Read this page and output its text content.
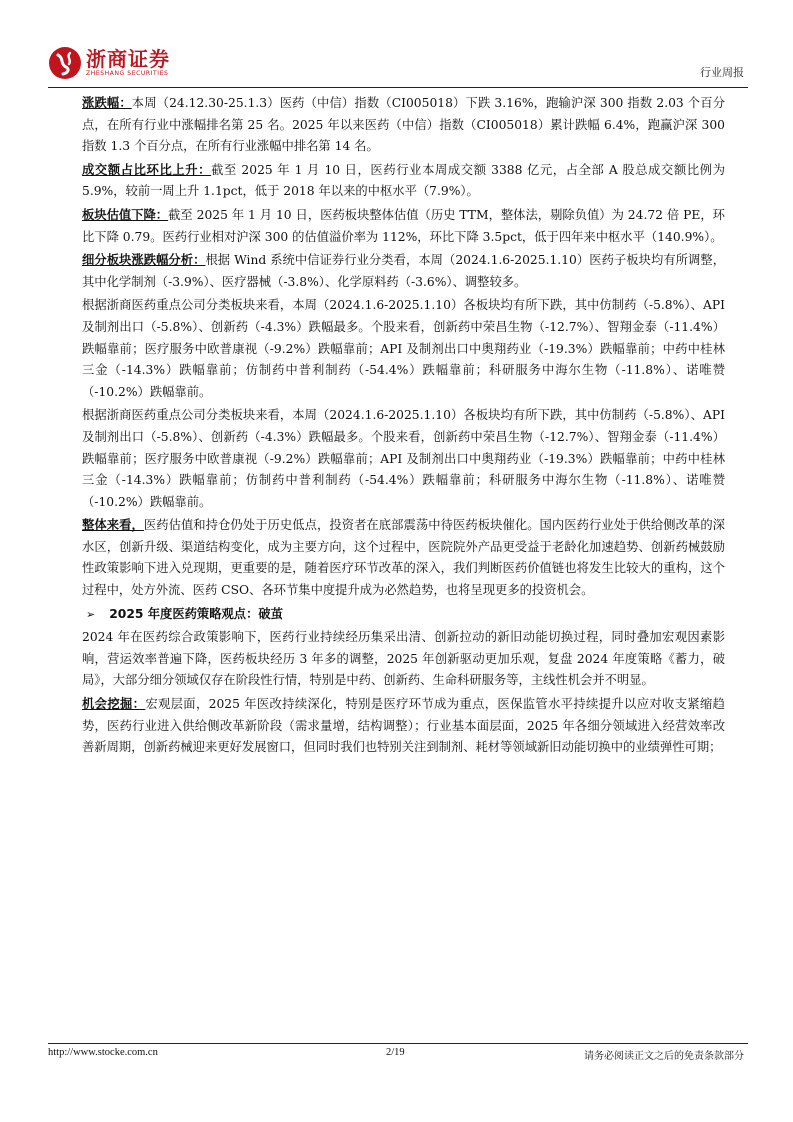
浙商证券
ZHESHANG SECURITIES	行业周报

涨跌幅：本周（24.12.30-25.1.3）医药（中信）指数（CI005018）下跌 3.16%，跑输沪深 300 指数 2.03 个百分点，在所有行业中涨幅排名第 25 名。2025 年以来医药（中信）指数（CI005018）累计跌幅 6.4%，跑赢沪深 300 指数 1.3 个百分点，在所有行业涨幅中排名第 14 名。

成交额占比环比上升：截至 2025 年 1 月 10 日，医药行业本周成交额 3388 亿元，占全部 A 股总成交额比例为 5.9%，较前一周上升 1.1pct，低于 2018 年以来的中枢水平（7.9%）。

板块估值下降：截至 2025 年 1 月 10 日，医药板块整体估值（历史 TTM，整体法，剔除负值）为 24.72 倍 PE，环比下降 0.79。医药行业相对沪深 300 的估值溢价率为 112%，环比下降 3.5pct，低于四年来中枢水平（140.9%）。

细分板块涨跌幅分析：根据 Wind 系统中信证券行业分类看，本周（2024.1.6-2025.1.10）医药子板块均有所调整，其中化学制剂（-3.9%）、医疗器械（-3.8%）、化学原料药（-3.6%）、调整较多。

根据浙商医药重点公司分类板块来看，本周（2024.1.6-2025.1.10）各板块均有所下跌，其中仿制药（-5.8%）、API 及制剂出口（-5.8%）、创新药（-4.3%）跌幅最多。个股来看，创新药中荣昌生物（-12.7%）、智翔金泰（-11.4%）跌幅靠前；医疗服务中欧普康视（-9.2%）跌幅靠前；API 及制剂出口中奥翔药业（-19.3%）跌幅靠前；中药中桂林三金（-14.3%）跌幅靠前；仿制药中普利制药（-54.4%）跌幅靠前；科研服务中海尔生物（-11.8%）、诺唯赞（-10.2%）跌幅靠前。

根据浙商医药重点公司分类板块来看，本周（2024.1.6-2025.1.10）各板块均有所下跌，其中仿制药（-5.8%）、API 及制剂出口（-5.8%）、创新药（-4.3%）跌幅最多。个股来看，创新药中荣昌生物（-12.7%）、智翔金泰（-11.4%）跌幅靠前；医疗服务中欧普康视（-9.2%）跌幅靠前；API 及制剂出口中奥翔药业（-19.3%）跌幅靠前；中药中桂林三金（-14.3%）跌幅靠前；仿制药中普利制药（-54.4%）跌幅靠前；科研服务中海尔生物（-11.8%）、诺唯赞（-10.2%）跌幅靠前。

整体来看，医药估值和持仓仍处于历史低点，投资者在底部震荡中待医药板块催化。国内医药行业处于供给侧改革的深水区，创新升级、渠道结构变化，成为主要方向，这个过程中，医院院外产品更受益于老龄化加速趋势、创新药械鼓励性政策影响下进入兑现期，更重要的是，随着医疗环节改革的深入，我们判断医药价值链也将发生比较大的重构，这个过程中，处方外流、医药 CSO、各环节集中度提升成为必然趋势，也将呈现更多的投资机会。

➢ 2025 年度医药策略观点：破茧

2024 年在医药综合政策影响下，医药行业持续经历集采出清、创新拉动的新旧动能切换过程，同时叠加宏观因素影响，营运效率普遍下降，医药板块经历 3 年多的调整，2025 年创新驱动更加乐观，复盘 2024 年度策略《蓄力，破局》，大部分细分领域仅存在阶段性行情，特别是中药、创新药、生命科研服务等，主线性机会并不明显。

机会挖掘：宏观层面，2025 年医改持续深化，特别是医疗环节成为重点，医保监管水平持续提升以应对收支紧缩趋势，医药行业进入供给侧改革新阶段（需求量增，结构调整）；行业基本面层面，2025 年各细分领域进入经营效率改善新周期，创新药械迎来更好发展窗口，但同时我们也特别关注到制剂、耗材等领域新旧动能切换中的业绩弹性可期；

http://www.stocke.com.cn	2/19	请务必阅读正文之后的免责条款部分
